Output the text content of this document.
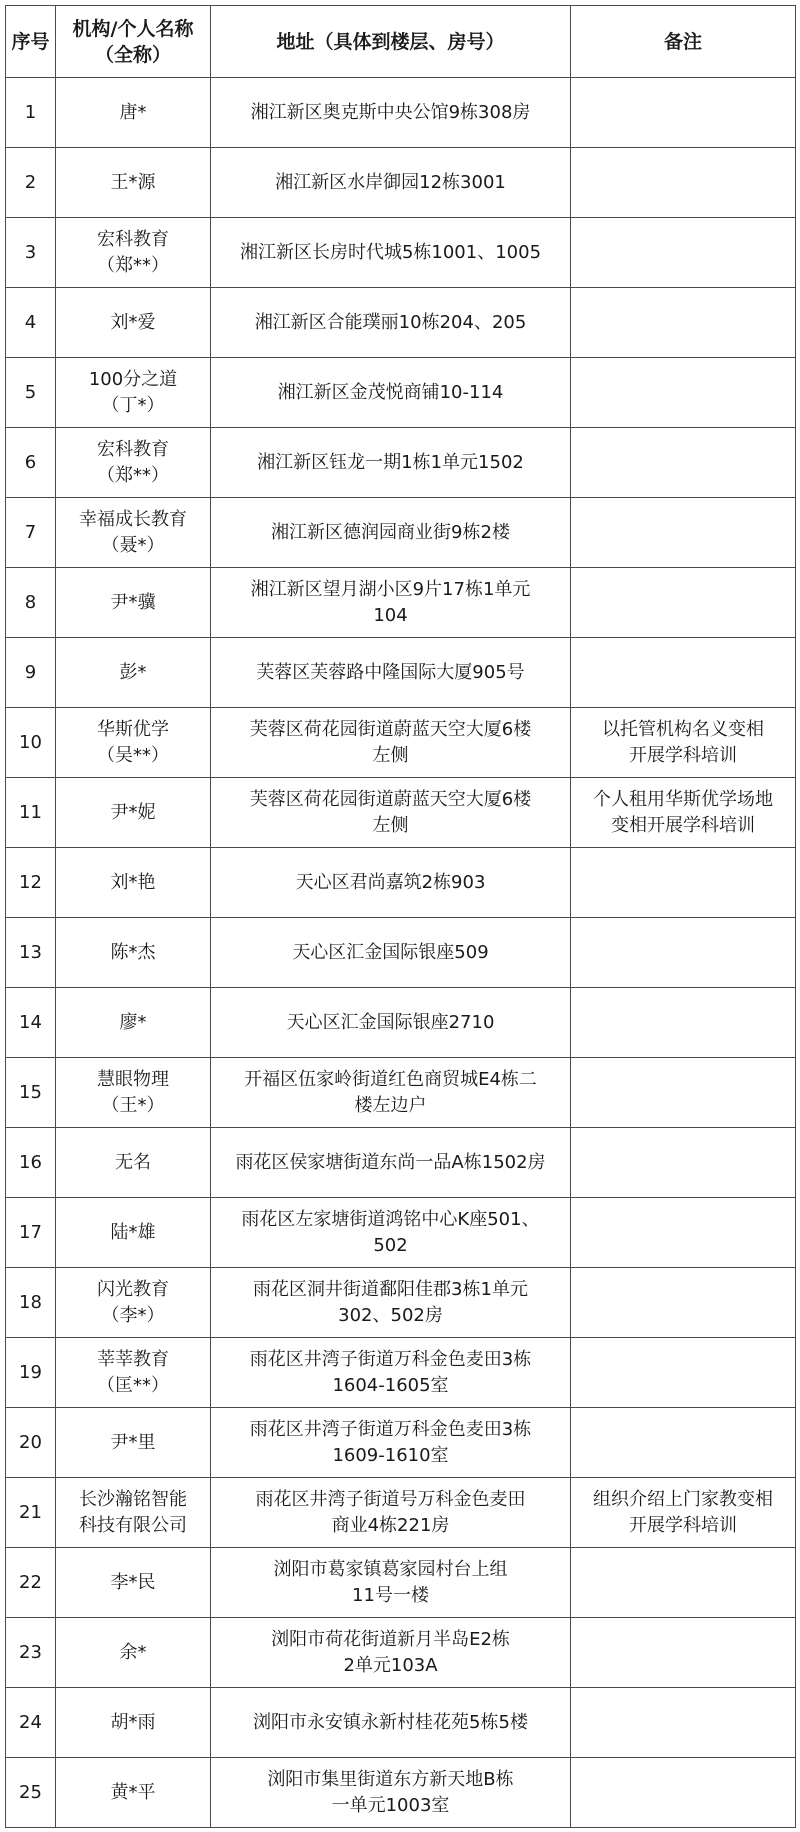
序号	机构/个人名称 （全称）	地址（具体到楼层、房号）	备注
1	唐*	湘江新区奥克斯中央公馆9栋308房	

2	王*源	湘江新区水岸御园12栋3001	

3	宏科教育
（郑**）	湘江新区长房时代城5栋1001、1005	

4	刘*爱	湘江新区合能璞丽10栋204、205	

5	100分之道
（丁*）	湘江新区金茂悦商铺10-114	

6	宏科教育
（郑**）	湘江新区钰龙一期1栋1单元1502	

7	幸福成长教育
（聂*）	湘江新区德润园商业街9栋2楼	

8	尹*骥	湘江新区望月湖小区9片17栋1单元
104	

9	彭*	芙蓉区芙蓉路中隆国际大厦905号	

10	华斯优学
（吴**）	芙蓉区荷花园街道蔚蓝天空大厦6楼
左侧	以托管机构名义变相
开展学科培训

11	尹*妮	芙蓉区荷花园街道蔚蓝天空大厦6楼
左侧	个人租用华斯优学场地
变相开展学科培训

12	刘*艳	天心区君尚嘉筑2栋903	

13	陈*杰	天心区汇金国际银座509	

14	廖*	天心区汇金国际银座2710	

15	慧眼物理
（王*）	开福区伍家岭街道红色商贸城E4栋二
楼左边户	

16	无名	雨花区侯家塘街道东尚一品A栋1502房	

17	陆*雄	雨花区左家塘街道鸿铭中心K座501、
502	

18	闪光教育
（李*）	雨花区洞井街道鄱阳佳郡3栋1单元
302、502房	

19	莘莘教育
（匡**）	雨花区井湾子街道万科金色麦田3栋
1604-1605室	

20	尹*里	雨花区井湾子街道万科金色麦田3栋
1609-1610室	

21	长沙瀚铭智能
科技有限公司	雨花区井湾子街道号万科金色麦田
商业4栋221房	组织介绍上门家教变相
开展学科培训

22	李*民	浏阳市葛家镇葛家园村台上组
11号一楼	

23	余*	浏阳市荷花街道新月半岛E2栋
2单元103A	

24	胡*雨	浏阳市永安镇永新村桂花苑5栋5楼	

25	黄*平	浏阳市集里街道东方新天地B栋
一单元1003室	
